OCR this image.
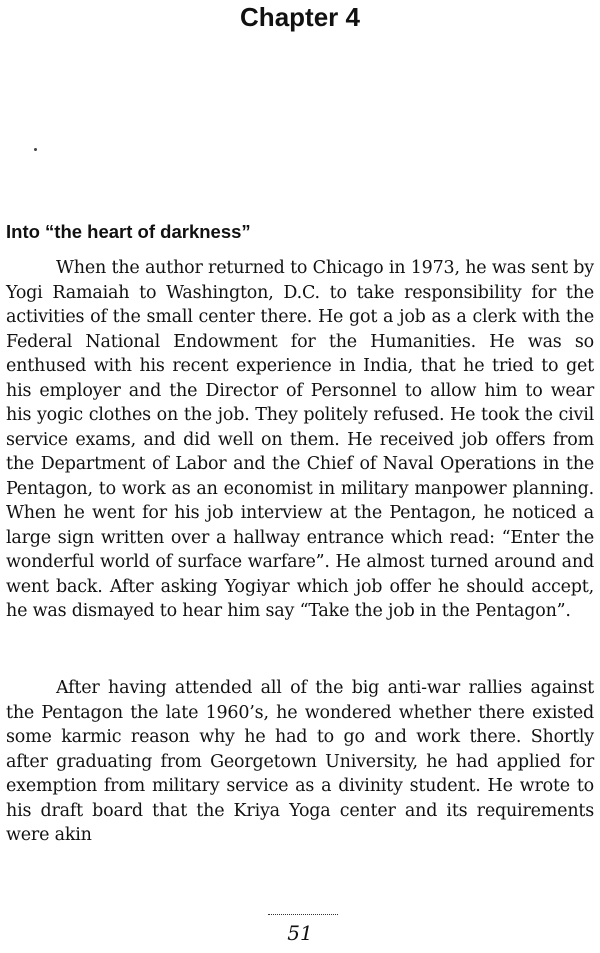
Chapter 4
Into “the heart of darkness”

When the author returned to Chicago in 1973, he was sent by Yogi Ramaiah to Washington, D.C. to take responsibility for the activities of the small center there. He got a job as a clerk with the Federal National Endowment for the Humanities. He was so enthused with his recent experience in India, that he tried to get his employer and the Director of Personnel to allow him to wear his yogic clothes on the job. They politely refused. He took the civil service exams, and did well on them. He received job offers from the Department of Labor and the Chief of Naval Operations in the Pentagon, to work as an economist in military manpower planning. When he went for his job interview at the Pentagon, he noticed a large sign written over a hallway entrance which read: “Enter the wonderful world of surface warfare”. He almost turned around and went back. After asking Yogiyar which job offer he should accept, he was dismayed to hear him say “Take the job in the Pentagon”.

After having attended all of the big anti-war rallies against the Pentagon the late 1960’s, he wondered whether there existed some karmic reason why he had to go and work there. Shortly after graduating from Georgetown University, he had applied for exemption from military service as a divinity student. He wrote to his draft board that the Kriya Yoga center and its requirements were akin

51
